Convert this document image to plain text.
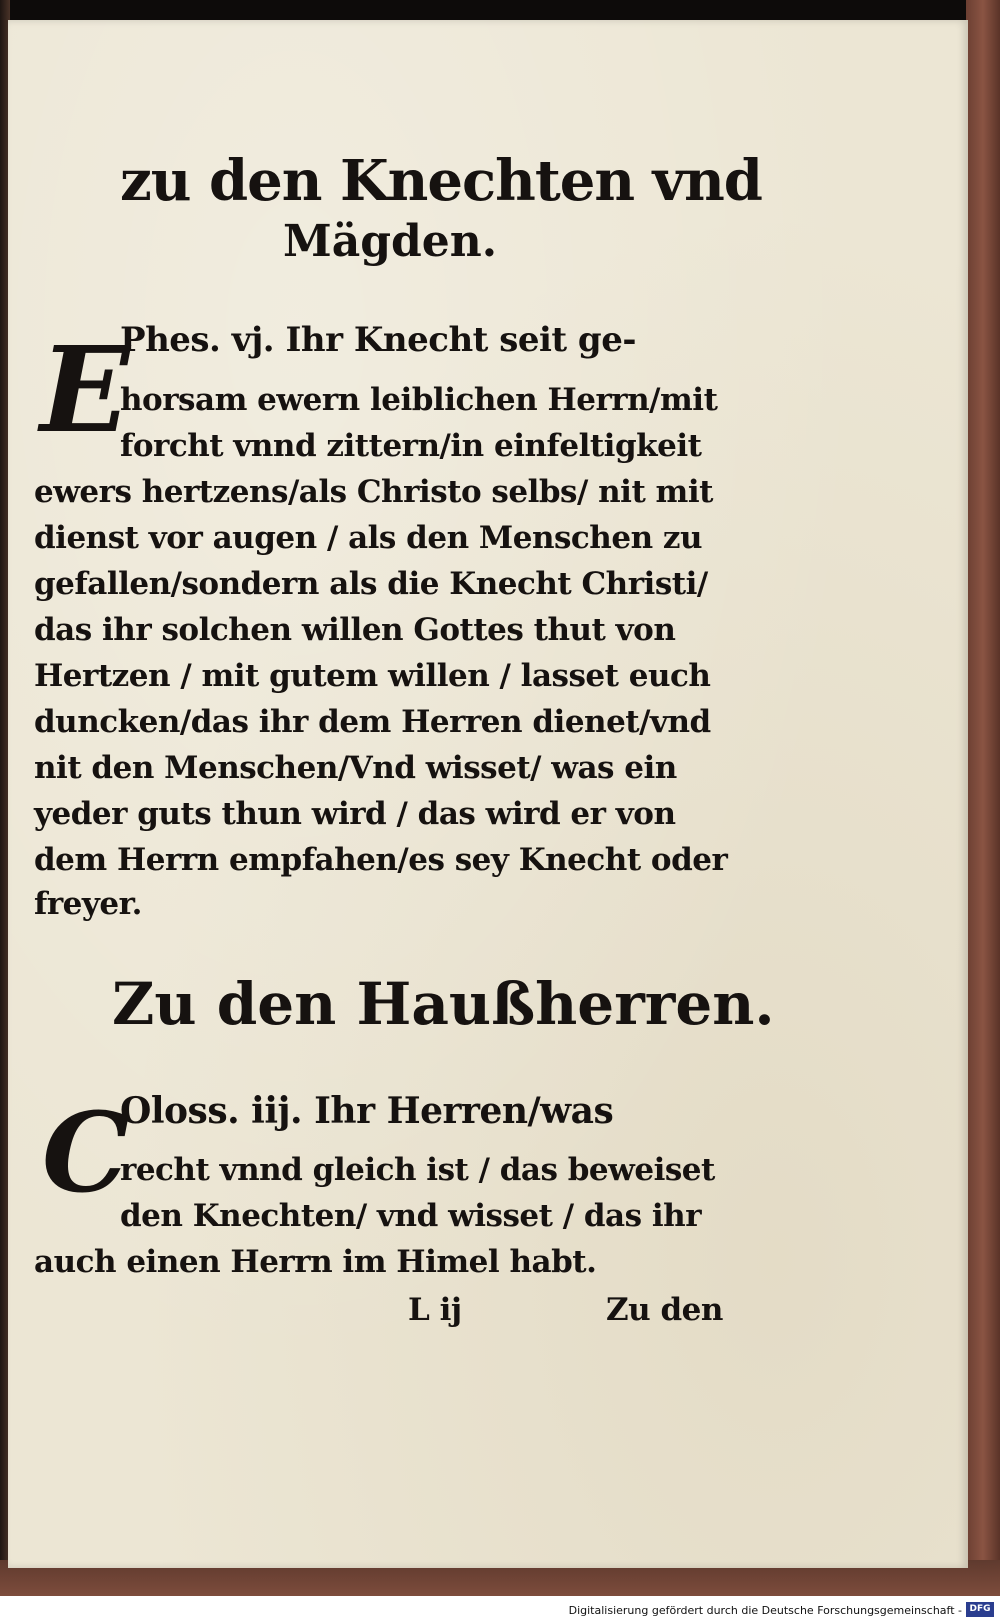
zu den Knechten vnd
Mägden.
E
Phes. vj. Ihr Knecht seit ge-
horsam ewern leiblichen Herrn/mit
forcht vnnd zittern/in einfeltigkeit
ewers hertzens/als Christo selbs/ nit mit
dienst vor augen / als den Menschen zu
gefallen/sondern als die Knecht Christi/
das ihr solchen willen Gottes thut von
Hertzen / mit gutem willen / lasset euch
duncken/das ihr dem Herren dienet/vnd
nit den Menschen/Vnd wisset/ was ein
yeder guts thun wird / das wird er von
dem Herrn empfahen/es sey Knecht oder
freyer.
Zu den Haußherren.
C
Oloss. iij. Ihr Herren/was
recht vnnd gleich ist / das beweiset
den Knechten/ vnd wisset / das ihr
auch einen Herrn im Himel habt.
L ij	Zu den
Digitalisierung gefördert durch die Deutsche Forschungsgemeinschaft - DFG
